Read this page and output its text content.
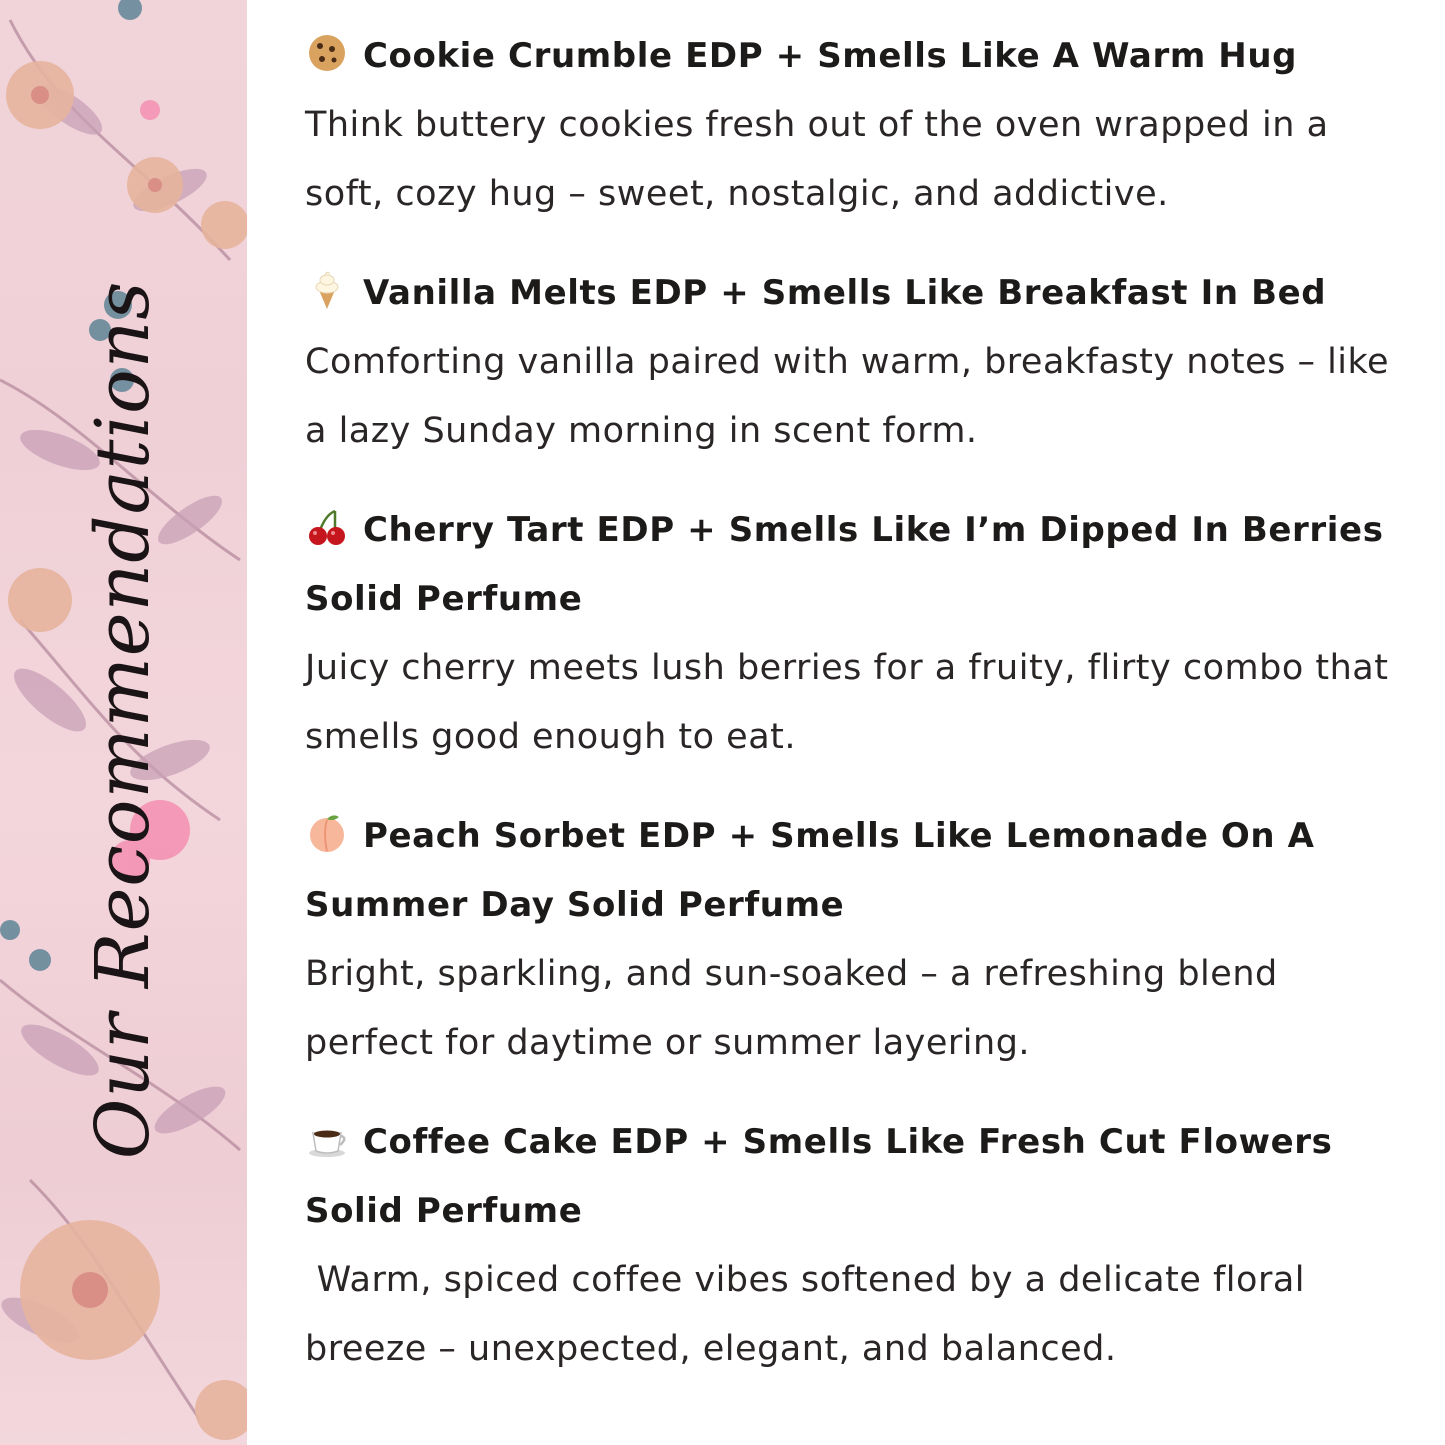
Our Recommendations
Cookie Crumble EDP + Smells Like A Warm Hug
Think buttery cookies fresh out of the oven wrapped in a soft, cozy hug – sweet, nostalgic, and addictive.
Vanilla Melts EDP + Smells Like Breakfast In Bed
Comforting vanilla paired with warm, breakfasty notes – like a lazy Sunday morning in scent form.
Cherry Tart EDP + Smells Like I’m Dipped In Berries Solid Perfume
Juicy cherry meets lush berries for a fruity, flirty combo that smells good enough to eat.
Peach Sorbet EDP + Smells Like Lemonade On A Summer Day Solid Perfume
Bright, sparkling, and sun-soaked – a refreshing blend perfect for daytime or summer layering.
Coffee Cake EDP + Smells Like Fresh Cut Flowers Solid Perfume
Warm, spiced coffee vibes softened by a delicate floral breeze – unexpected, elegant, and balanced.
